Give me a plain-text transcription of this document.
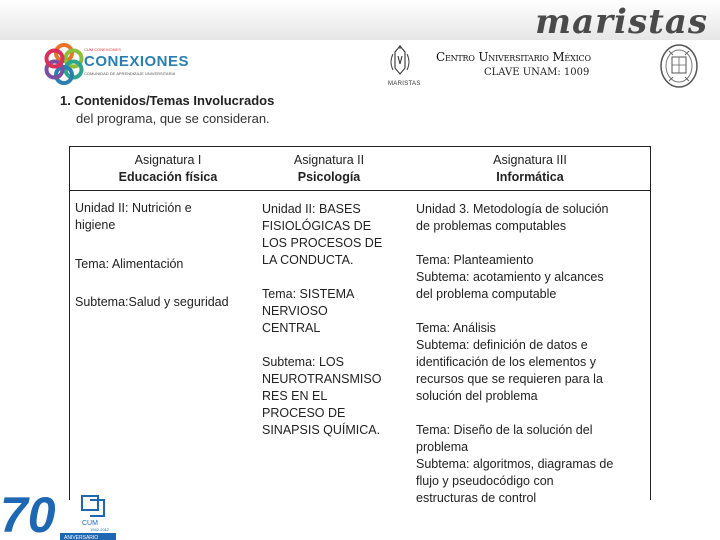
maristas
CUM CONEXIONES
CONEXIONES
COMUNIDAD DE APRENDIZAJE UNIVERSITARIA
MARISTAS
Centro Universitario México
CLAVE UNAM: 1009
1. Contenidos/Temas Involucrados
del programa, que se consideran.
Asignatura I
Educación física
Asignatura II
Psicología
Asignatura III
Informática

Unidad II: Nutrición e

higiene

Tema: Alimentación

Subtema:Salud y seguridad

Unidad II: BASES

FISIOLÓGICAS DE

LOS PROCESOS DE

LA CONDUCTA.

Tema: SISTEMA

NERVIOSO

CENTRAL

Subtema: LOS

NEUROTRANSMISO

RES EN EL

PROCESO DE

SINAPSIS QUÍMICA.

Unidad 3. Metodología de solución

de problemas computables

Tema: Planteamiento

Subtema: acotamiento y alcances

del problema computable

Tema: Análisis

Subtema: definición de datos e

identificación de los elementos y

recursos que se requieren para la

solución del problema

Tema: Diseño de la solución del

problema

Subtema: algoritmos, diagramas de

flujo y pseudocódigo con

estructuras de control

70	CUM
1942-2012
ANIVERSARIO
